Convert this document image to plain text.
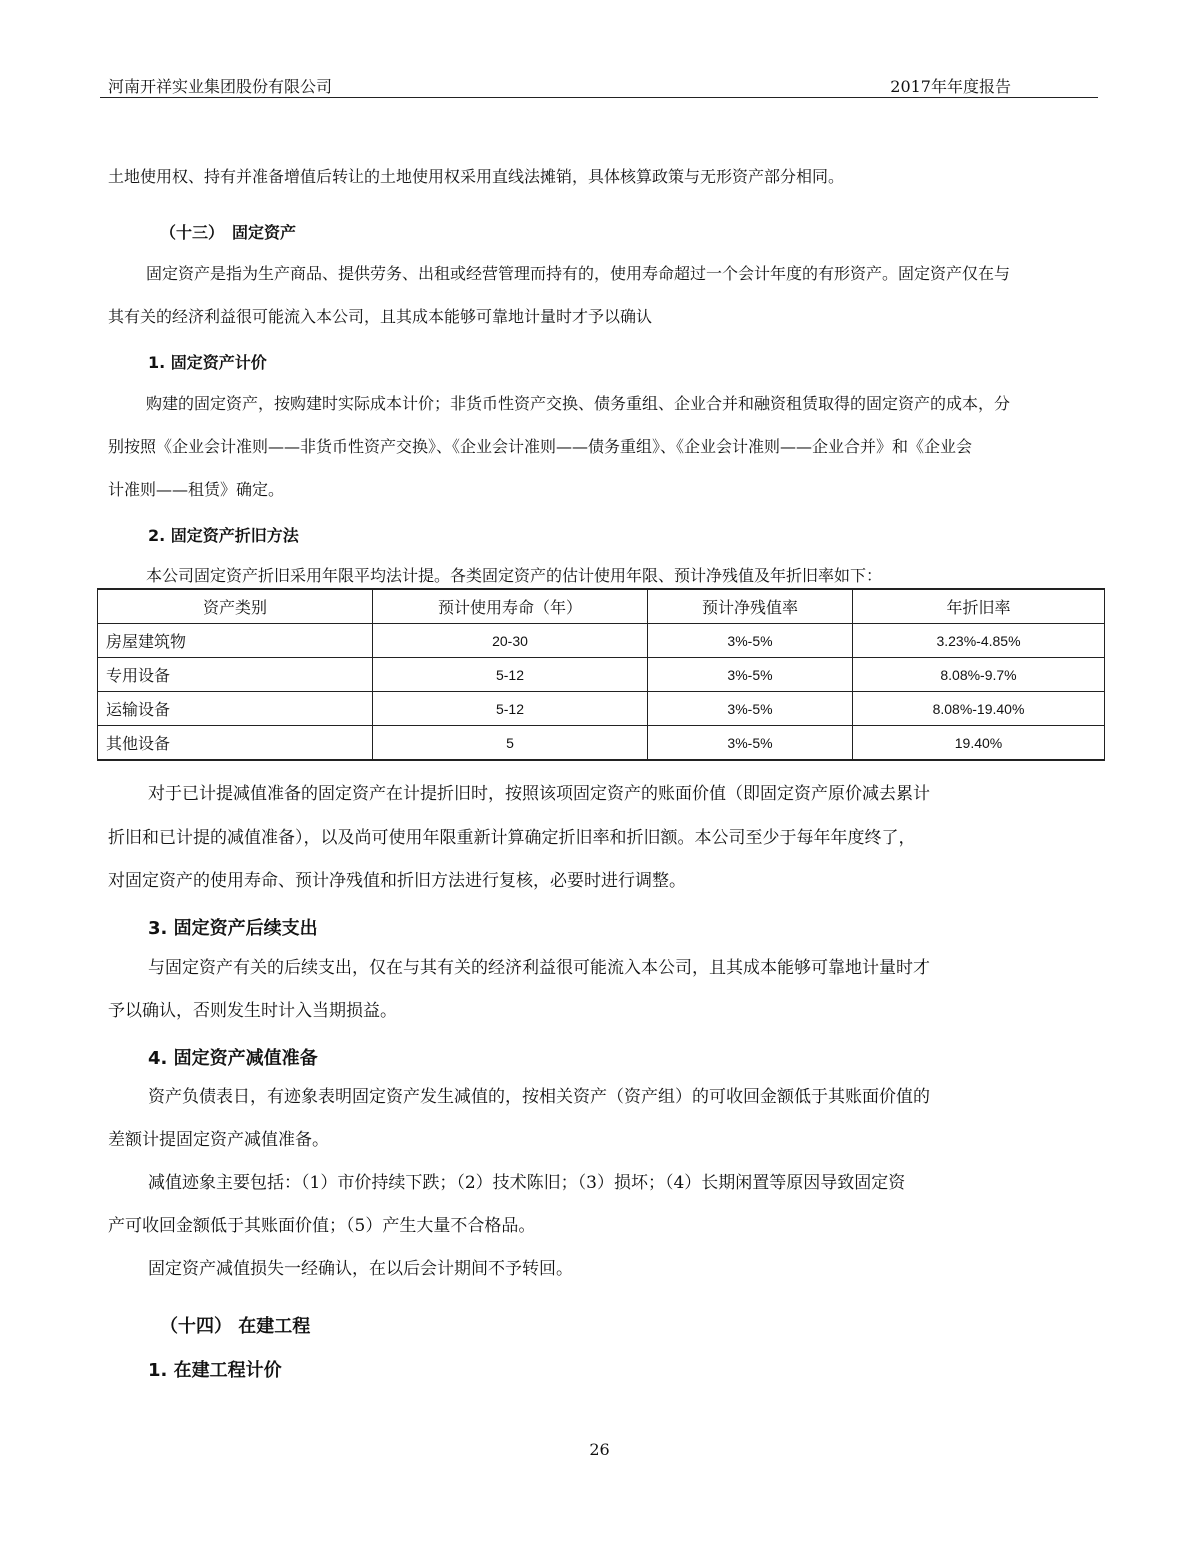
河南开祥实业集团股份有限公司	2017年年度报告

土地使用权、持有并准备增值后转让的土地使用权采用直线法摊销，具体核算政策与无形资产部分相同。

（十三）　固定资产

固定资产是指为生产商品、提供劳务、出租或经营管理而持有的，使用寿命超过一个会计年度的有形资产。固定资产仅在与

其有关的经济利益很可能流入本公司，且其成本能够可靠地计量时才予以确认

1. 固定资产计价

购建的固定资产，按购建时实际成本计价；非货币性资产交换、债务重组、企业合并和融资租赁取得的固定资产的成本，分

别按照《企业会计准则——非货币性资产交换》、《企业会计准则——债务重组》、《企业会计准则——企业合并》和《企业会

计准则——租赁》确定。

2. 固定资产折旧方法

本公司固定资产折旧采用年限平均法计提。各类固定资产的估计使用年限、预计净残值及年折旧率如下：

资产类别	预计使用寿命（年）	预计净残值率	年折旧率
房屋建筑物	20-30	3%-5%	3.23%-4.85%
专用设备	5-12	3%-5%	8.08%-9.7%
运输设备	5-12	3%-5%	8.08%-19.40%
其他设备	5	3%-5%	19.40%

对于已计提减值准备的固定资产在计提折旧时，按照该项固定资产的账面价值（即固定资产原价减去累计

折旧和已计提的减值准备），以及尚可使用年限重新计算确定折旧率和折旧额。本公司至少于每年年度终了，

对固定资产的使用寿命、预计净残值和折旧方法进行复核，必要时进行调整。

3. 固定资产后续支出

与固定资产有关的后续支出，仅在与其有关的经济利益很可能流入本公司，且其成本能够可靠地计量时才

予以确认，否则发生时计入当期损益。

4. 固定资产减值准备

资产负债表日，有迹象表明固定资产发生减值的，按相关资产（资产组）的可收回金额低于其账面价值的

差额计提固定资产减值准备。

减值迹象主要包括：（1）市价持续下跌；（2）技术陈旧；（3）损坏；（4）长期闲置等原因导致固定资

产可收回金额低于其账面价值；（5）产生大量不合格品。

固定资产减值损失一经确认，在以后会计期间不予转回。

（十四） 在建工程
1. 在建工程计价
26
